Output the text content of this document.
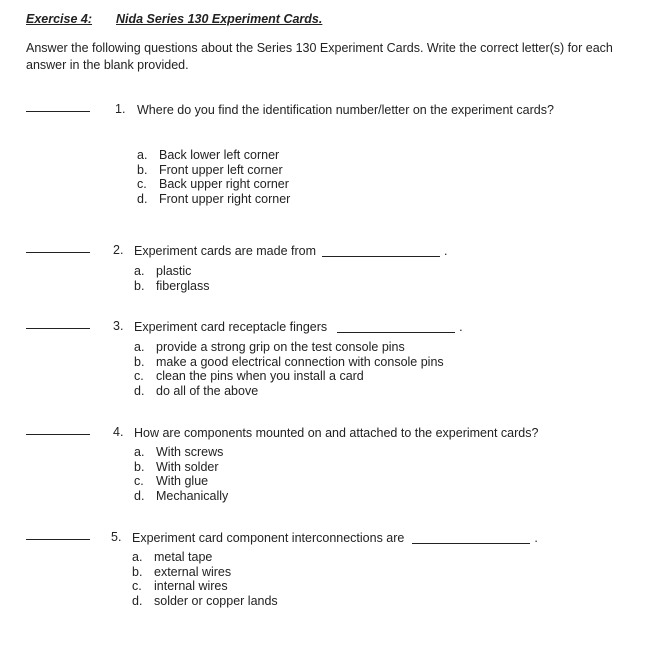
Exercise 4: Nida Series 130 Experiment Cards.
Answer the following questions about the Series 130 Experiment Cards. Write the correct letter(s) for each answer in the blank provided.
1. Where do you find the identification number/letter on the experiment cards?
a. Back lower left corner
b. Front upper left corner
c. Back upper right corner
d. Front upper right corner
2. Experiment cards are made from	.
a. plastic
b. fiberglass
3. Experiment card receptacle fingers	.
a. provide a strong grip on the test console pins
b. make a good electrical connection with console pins
c. clean the pins when you install a card
d. do all of the above
4. How are components mounted on and attached to the experiment cards?
a. With screws
b. With solder
c. With glue
d. Mechanically
5. Experiment card component interconnections are	.
a. metal tape
b. external wires
c. internal wires
d. solder or copper lands
